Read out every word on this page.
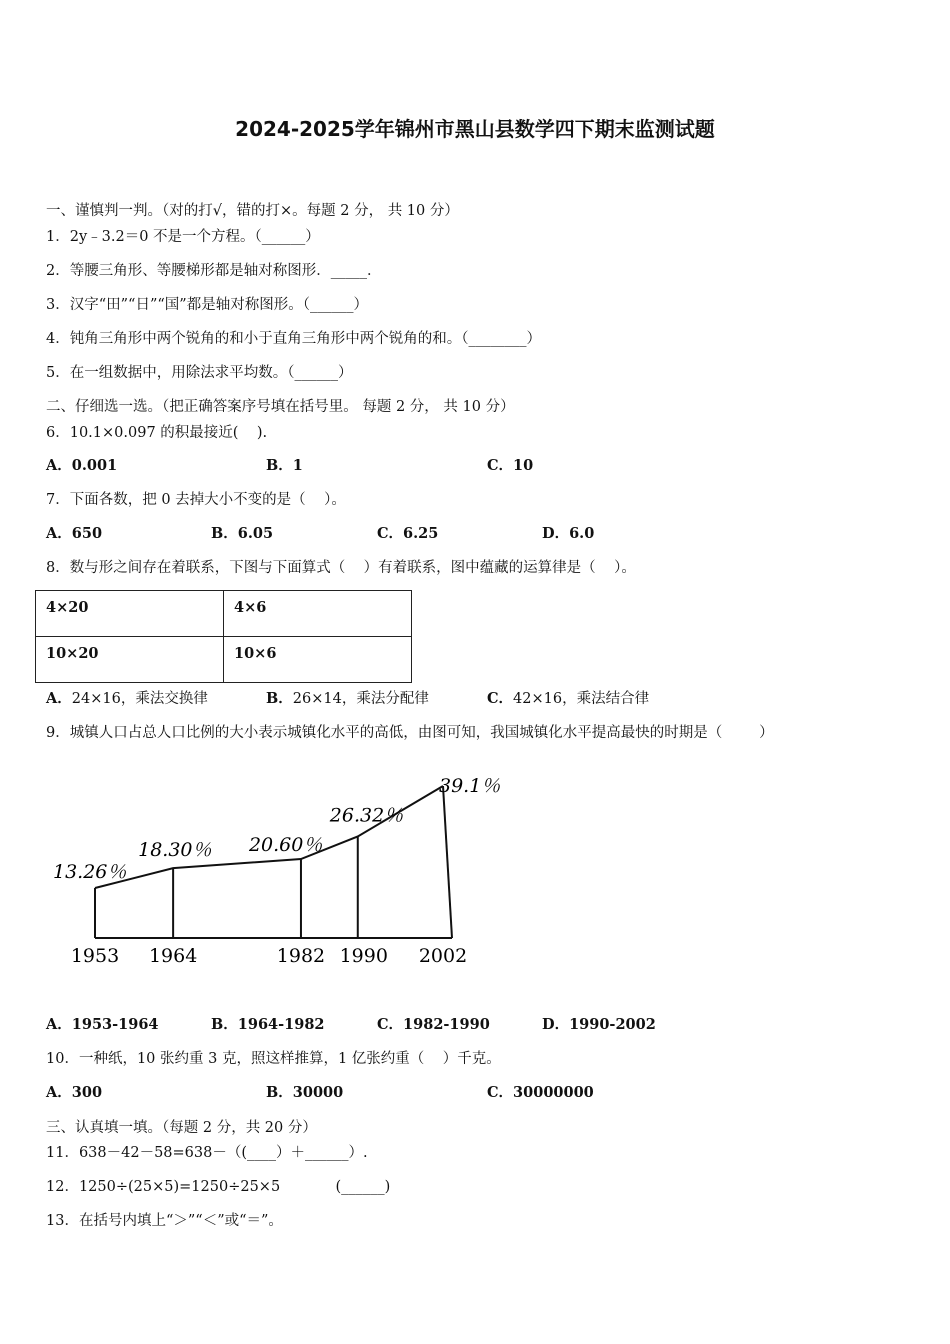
2024-2025学年锦州市黑山县数学四下期末监测试题
一、谨慎判一判。（对的打√，错的打×。每题 2 分， 共 10 分）
1．2y﹣3.2＝0 不是一个方程。（______）
2．等腰三角形、等腰梯形都是轴对称图形．_____．
3．汉字“田”“日”“国”都是轴对称图形。（______）
4．钝角三角形中两个锐角的和小于直角三角形中两个锐角的和。（________）
5．在一组数据中，用除法求平均数。（______）
二、仔细选一选。（把正确答案序号填在括号里。 每题 2 分， 共 10 分）
6．10.1×0.097 的积最接近(    ).
A．0.001	B．1	C．10
7．下面各数，把 0 去掉大小不变的是（    ）。
A．650	B．6.05	C．6.25	D．6.0
8．数与形之间存在着联系，下图与下面算式（    ）有着联系，图中蕴藏的运算律是（    ）。
4×20	4×6
10×20	10×6
A．24×16，乘法交换律	B．26×14，乘法分配律	C．42×16，乘法结合律
9．城镇人口占总人口比例的大小表示城镇化水平的高低，由图可知，我国城镇化水平提高最快的时期是（        ）
1953 1964	1982 1990 2002
13.26％
18.30％ 20.60％
26.32％
39.1％
A．1953-1964	B．1964-1982	C．1982-1990	D．1990-2002
10．一种纸，10 张约重 3 克，照这样推算，1 亿张约重（    ）千克。
A．300	B．30000	C．30000000
三、认真填一填。（每题 2 分，共 20 分）
11．638－42－58=638－（(____）＋______）.
12．1250÷(25×5)=1250÷25×5            (______)
13．在括号内填上“＞”“＜”或“＝”。
